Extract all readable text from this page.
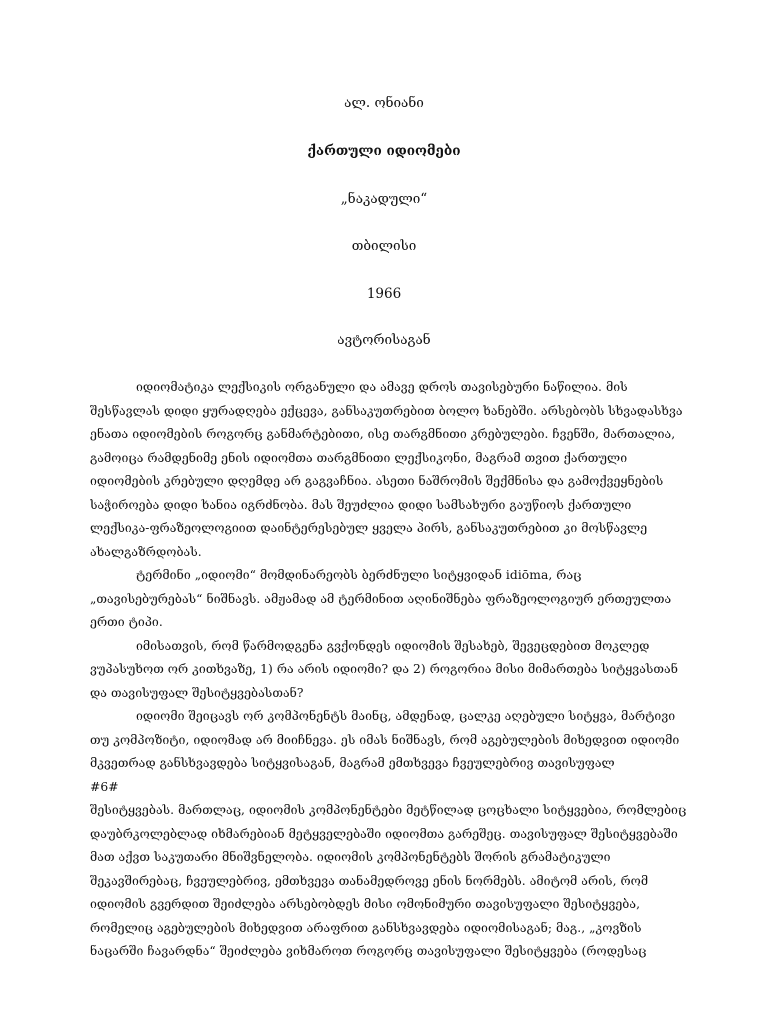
ალ. ონიანი
ქართული იდიომები
„ნაკადული“
თბილისი
1966
ავტორისაგან
იდიომატიკა ლექსიკის ორგანული და ამავე დროს თავისებური ნაწილია. მის
შესწავლას დიდი ყურადღება ექცევა, განსაკუთრებით ბოლო ხანებში. არსებობს სხვადასხვა
ენათა იდიომების როგორც განმარტებითი, ისე თარგმნითი კრებულები. ჩვენში, მართალია,
გამოიცა რამდენიმე ენის იდიომთა თარგმნითი ლექსიკონი, მაგრამ თვით ქართული
იდიომების კრებული დღემდე არ გაგვაჩნია. ასეთი ნაშრომის შექმნისა და გამოქვეყნების
საჭიროება დიდი ხანია იგრძნობა. მას შეუძლია დიდი სამსახური გაუწიოს ქართული
ლექსიკა-ფრაზეოლოგიით დაინტერესებულ ყველა პირს, განსაკუთრებით კი მოსწავლე
ახალგაზრდობას.
ტერმინი „იდიომი“ მომდინარეობს ბერძნული სიტყვიდან idiōma, რაც
„თავისებურებას“ ნიშნავს. ამჟამად ამ ტერმინით აღინიშნება ფრაზეოლოგიურ ერთეულთა
ერთი ტიპი.
იმისათვის, რომ წარმოდგენა გვქონდეს იდიომის შესახებ, შევეცდებით მოკლედ
ვუპასუხოთ ორ კითხვაზე, 1) რა არის იდიომი? და 2) როგორია მისი მიმართება სიტყვასთან
და თავისუფალ შესიტყვებასთან?
იდიომი შეიცავს ორ კომპონენტს მაინც, ამდენად, ცალკე აღებული სიტყვა, მარტივი
თუ კომპოზიტი, იდიომად არ მიიჩნევა. ეს იმას ნიშნავს, რომ აგებულების მიხედვით იდიომი
მკვეთრად განსხვავდება სიტყვისაგან, მაგრამ ემთხვევა ჩვეულებრივ თავისუფალ
#6#
შესიტყვებას. მართლაც, იდიომის კომპონენტები მეტწილად ცოცხალი სიტყვებია, რომლებიც
დაუბრკოლებლად იხმარებიან მეტყველებაში იდიომთა გარეშეც. თავისუფალ შესიტყვებაში
მათ აქვთ საკუთარი მნიშვნელობა. იდიომის კომპონენტებს შორის გრამატიკული
შეკავშირებაც, ჩვეულებრივ, ემთხვევა თანამედროვე ენის ნორმებს. ამიტომ არის, რომ
იდიომის გვერდით შეიძლება არსებობდეს მისი ომონიმური თავისუფალი შესიტყვება,
რომელიც აგებულების მიხედვით არაფრით განსხვავდება იდიომისაგან; მაგ., „კოვზის
ნაცარში ჩავარდნა“ შეიძლება ვიხმაროთ როგორც თავისუფალი შესიტყვება (როდესაც
